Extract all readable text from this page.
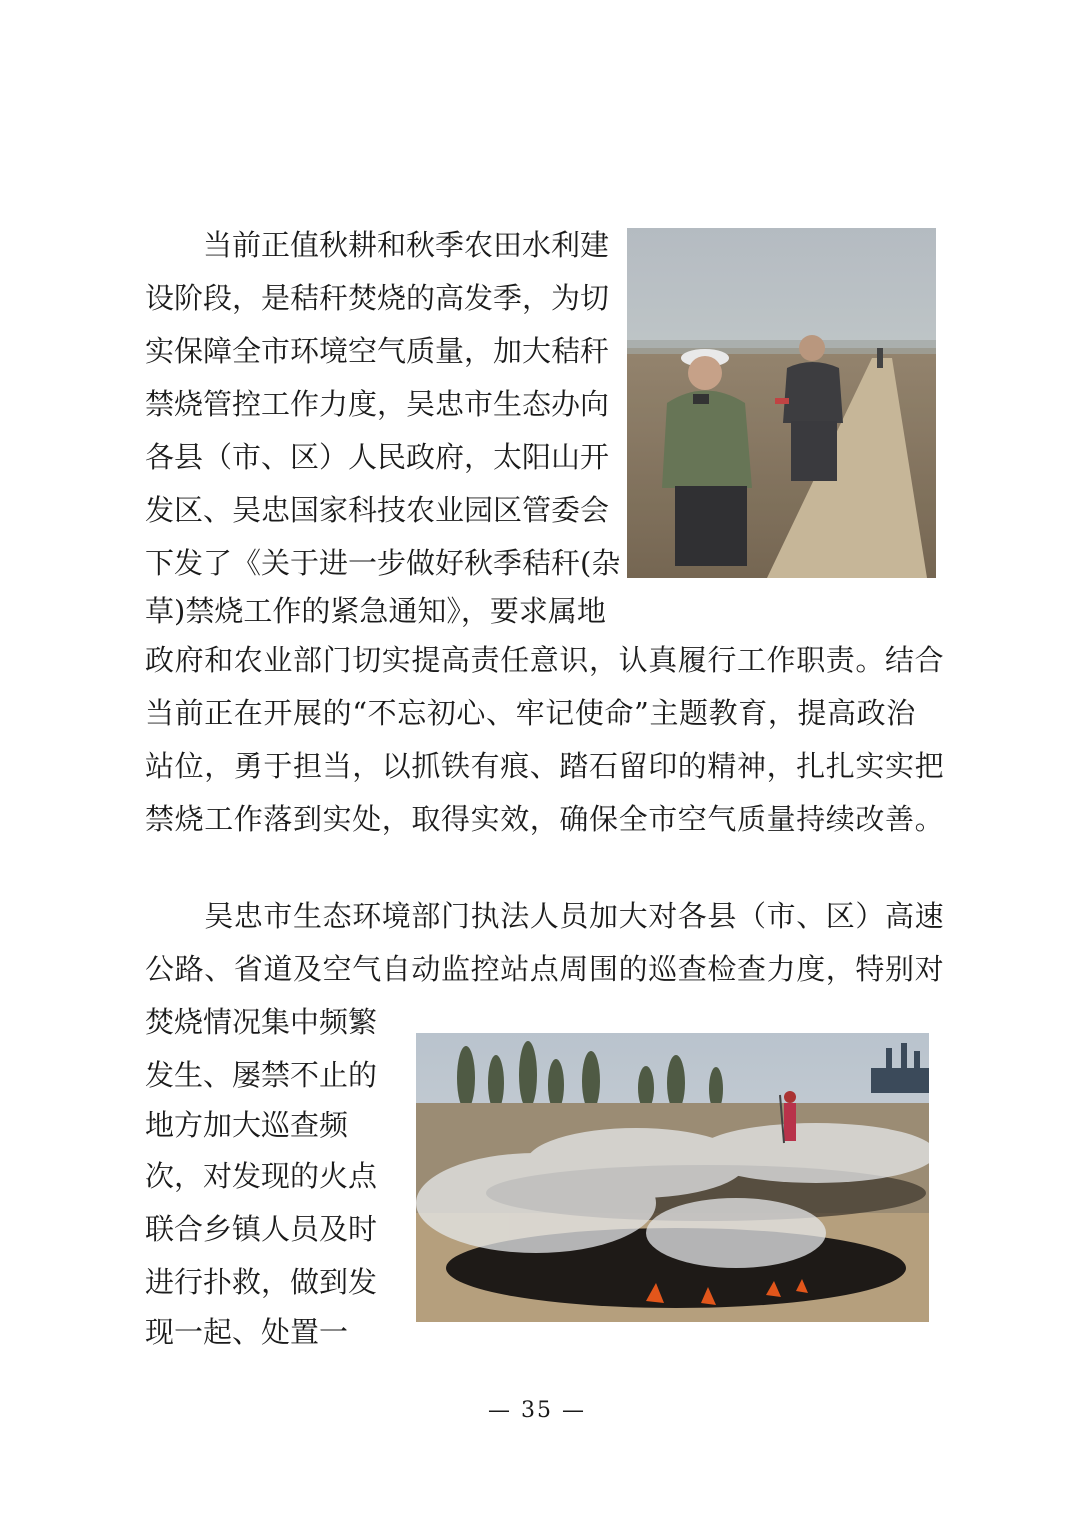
　　当前正值秋耕和秋季农田水利建
设阶段，是秸秆焚烧的高发季，为切
实保障全市环境空气质量，加大秸秆
禁烧管控工作力度，吴忠市生态办向
各县（市、区）人民政府，太阳山开
发区、吴忠国家科技农业园区管委会
下发了《关于进一步做好秋季秸秆(杂
草)禁烧工作的紧急通知》，要求属地
政府和农业部门切实提高责任意识，认真履行工作职责。结合
当前正在开展的“不忘初心、牢记使命”主题教育，提高政治
站位，勇于担当，以抓铁有痕、踏石留印的精神，扎扎实实把
禁烧工作落到实处，取得实效，确保全市空气质量持续改善。
　　吴忠市生态环境部门执法人员加大对各县（市、区）高速
公路、省道及空气自动监控站点周围的巡查检查力度，特别对
焚烧情况集中频繁
发生、屡禁不止的
地方加大巡查频
次，对发现的火点
联合乡镇人员及时
进行扑救，做到发
现一起、处置一
— 35 —
